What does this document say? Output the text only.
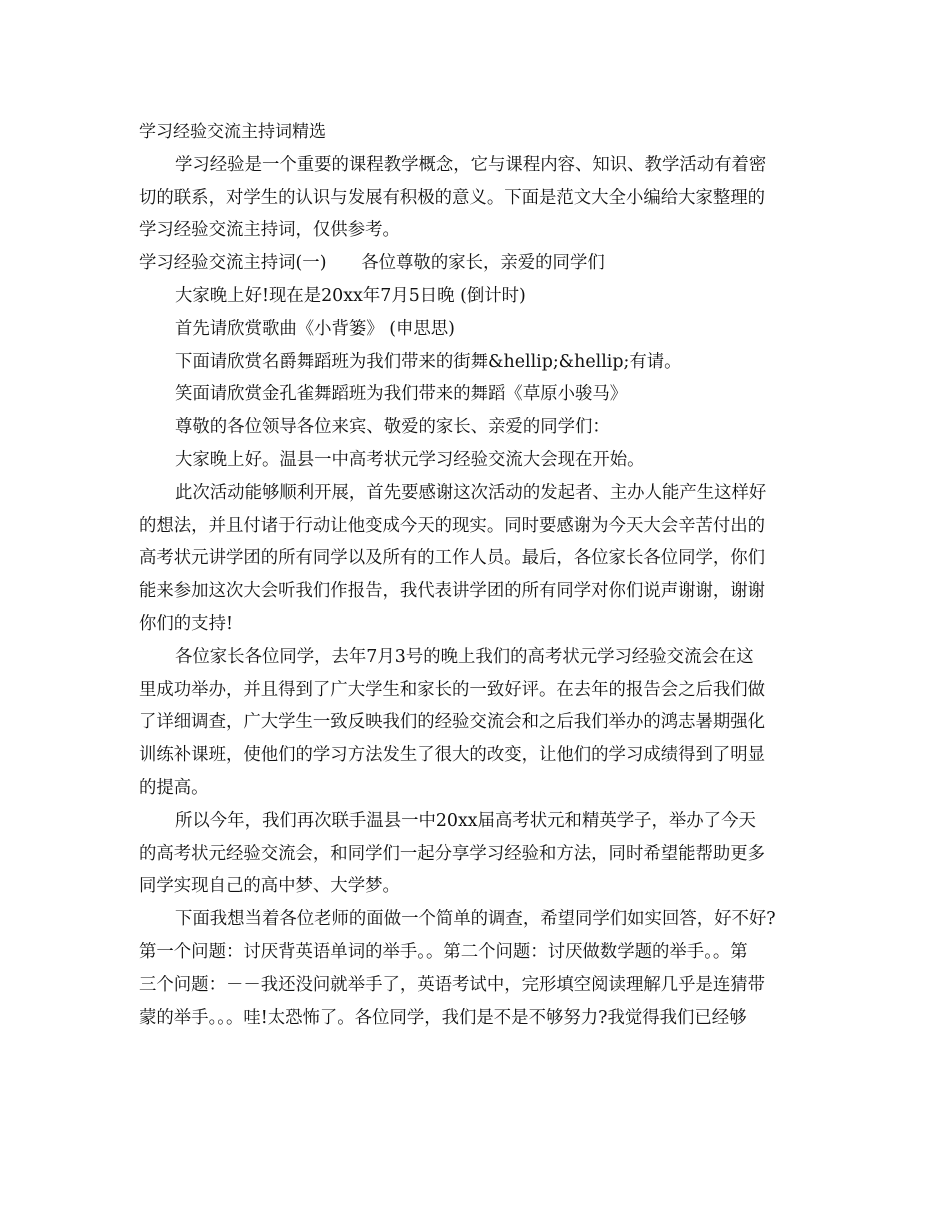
学习经验交流主持词精选
学习经验是一个重要的课程教学概念，它与课程内容、知识、教学活动有着密
切的联系，对学生的认识与发展有积极的意义。下面是范文大全小编给大家整理的
学习经验交流主持词，仅供参考。
学习经验交流主持词(一)　　各位尊敬的家长，亲爱的同学们
大家晚上好!现在是20xx年7月5日晚 (倒计时)
首先请欣赏歌曲《小背篓》 (申思思)
下面请欣赏名爵舞蹈班为我们带来的街舞&hellip;&hellip;有请。
笑面请欣赏金孔雀舞蹈班为我们带来的舞蹈《草原小骏马》
尊敬的各位领导各位来宾、敬爱的家长、亲爱的同学们：
大家晚上好。温县一中高考状元学习经验交流大会现在开始。
此次活动能够顺利开展，首先要感谢这次活动的发起者、主办人能产生这样好
的想法，并且付诸于行动让他变成今天的现实。同时要感谢为今天大会辛苦付出的
高考状元讲学团的所有同学以及所有的工作人员。最后，各位家长各位同学，你们
能来参加这次大会听我们作报告，我代表讲学团的所有同学对你们说声谢谢，谢谢
你们的支持!
各位家长各位同学，去年7月3号的晚上我们的高考状元学习经验交流会在这
里成功举办，并且得到了广大学生和家长的一致好评。在去年的报告会之后我们做
了详细调查，广大学生一致反映我们的经验交流会和之后我们举办的鸿志暑期强化
训练补课班，使他们的学习方法发生了很大的改变，让他们的学习成绩得到了明显
的提高。
所以今年，我们再次联手温县一中20xx届高考状元和精英学子，举办了今天
的高考状元经验交流会，和同学们一起分享学习经验和方法，同时希望能帮助更多
同学实现自己的高中梦、大学梦。
下面我想当着各位老师的面做一个简单的调查，希望同学们如实回答，好不好?
第一个问题：讨厌背英语单词的举手。。第二个问题：讨厌做数学题的举手。。第
三个问题：－－我还没问就举手了，英语考试中，完形填空阅读理解几乎是连猜带
蒙的举手。。。哇!太恐怖了。各位同学，我们是不是不够努力?我觉得我们已经够
